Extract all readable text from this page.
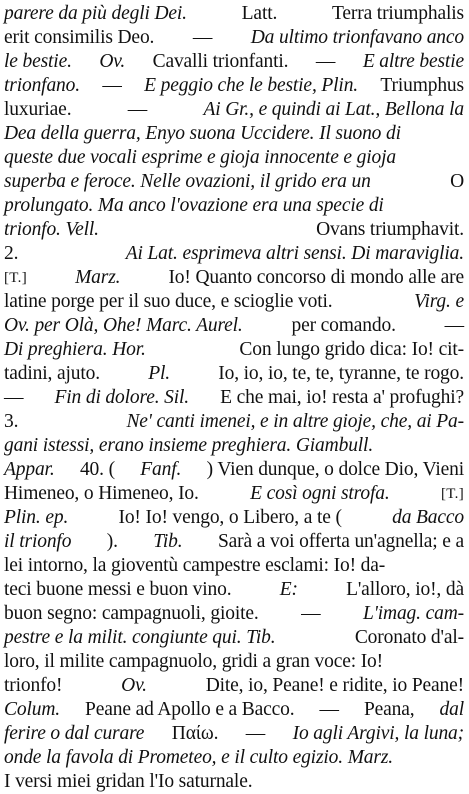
parere da più degli Dei.	Latt.	Terra triumphalis
erit consimilis Deo. — Da ultimo trionfavano anco
le bestie. Ov. Cavalli trionfanti. — E altre bestie
trionfano. — E peggio che le bestie, Plin. Triumphus
luxuriae.	—	Ai Gr., e quindi ai Lat., Bellona la
Dea della guerra, Enyo suona Uccidere. Il suono di
queste due vocali esprime e gioja innocente e gioja
superba e feroce. Nelle ovazioni, il grido era un	O
prolungato. Ma anco l'ovazione era una specie di
trionfo. Vell.	Ovans triumphavit.
2.	Ai Lat. esprimeva altri sensi. Di maraviglia.
[T.] Marz. Io! Quanto concorso di mondo alle are
latine porge per il suo duce, e scioglie voti.	Virg. e
Ov. per Olà, Ohe! Marc. Aurel.	per comando.	—
Di preghiera. Hor.	Con lungo grido dica: Io! cit-
tadini, ajuto. Pl. Io, io, io, te, te, tyranne, te rogo.
— Fin di dolore. Sil. E che mai, io! resta a' profughi?
3.	Ne' canti imenei, e in altre gioje, che, ai Pa-
gani istessi, erano insieme preghiera. Giambull.
Appar. 40. ( Fanf. ) Vien dunque, o dolce Dio, Vieni
Himeneo, o Himeneo, Io.	E così ogni strofa.	[T.]
Plin. ep.	Io! Io! vengo, o Libero, a te (	da Bacco
il trionfo ). Tib. Sarà a voi offerta un'agnella; e a
lei intorno, la gioventù campestre esclami: Io! da-
teci buone messi e buon vino. E: L'alloro, io!, dà
buon segno: campagnuoli, gioite. — L'imag. cam-
pestre e la milit. congiunte qui. Tib.	Coronato d'al-
loro, il milite campagnuolo, gridi a gran voce: Io!
trionfo!	Ov.	Dite, io, Peane! e ridite, io Peane!
Colum. Peane ad Apollo e a Bacco. — Peana, dal
ferire o dal curare Παίω. — Io agli Argivi, la luna;
onde la favola di Prometeo, e il culto egizio. Marz.
I versi miei gridan l'Io saturnale.
